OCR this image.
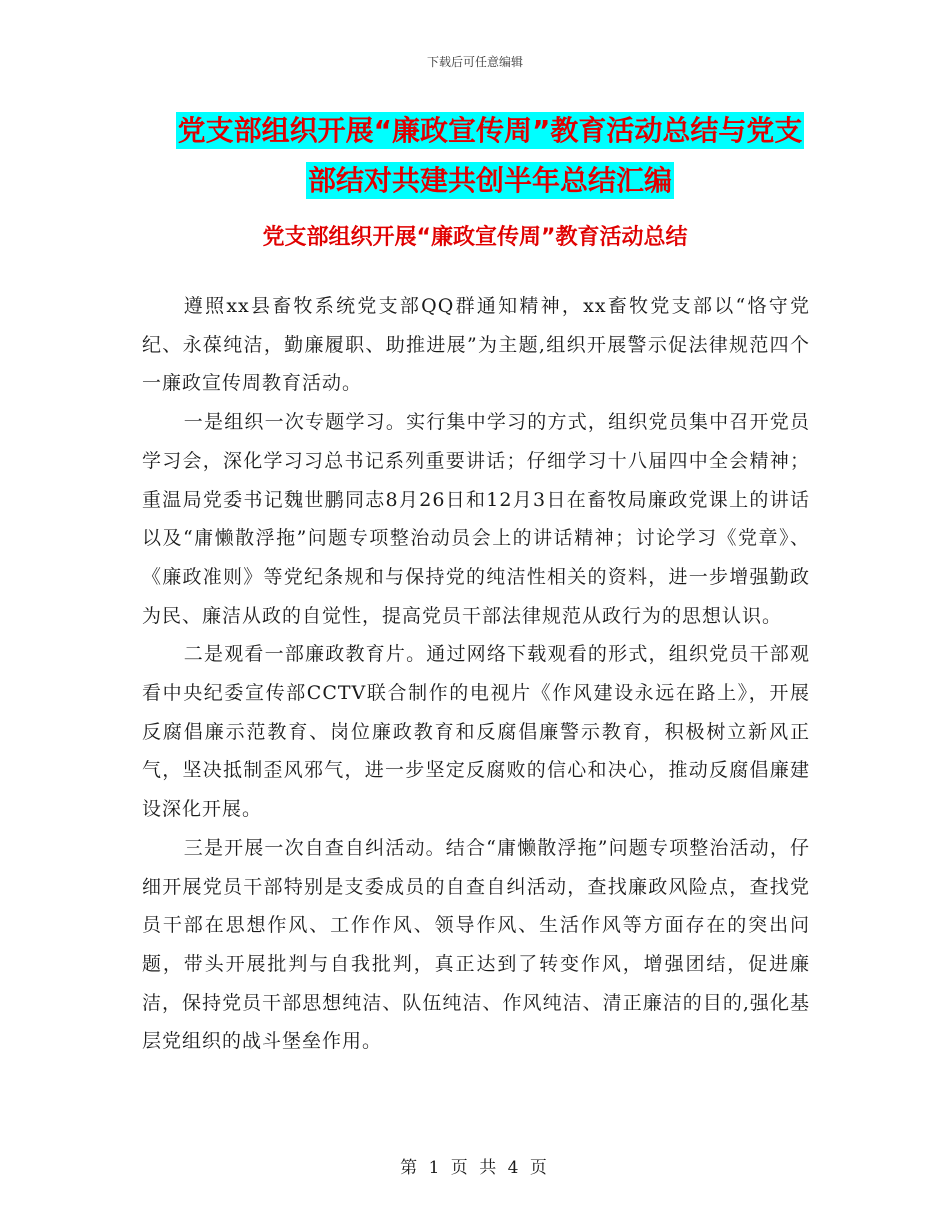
下载后可任意编辑
党支部组织开展“廉政宣传周”教育活动总结与党支
部结对共建共创半年总结汇编
党支部组织开展“廉政宣传周”教育活动总结

遵照xx县畜牧系统党支部QQ群通知精神，xx畜牧党支部以“恪守党纪、永葆纯洁，勤廉履职、助推进展”为主题,组织开展警示促法律规范四个一廉政宣传周教育活动。

一是组织一次专题学习。实行集中学习的方式，组织党员集中召开党员学习会，深化学习习总书记系列重要讲话；仔细学习十八届四中全会精神；重温局党委书记魏世鹏同志8月26日和12月3日在畜牧局廉政党课上的讲话以及“庸懒散浮拖”问题专项整治动员会上的讲话精神；讨论学习《党章》、《廉政准则》等党纪条规和与保持党的纯洁性相关的资料，进一步增强勤政为民、廉洁从政的自觉性，提高党员干部法律规范从政行为的思想认识。

二是观看一部廉政教育片。通过网络下载观看的形式，组织党员干部观看中央纪委宣传部CCTV联合制作的电视片《作风建设永远在路上》，开展反腐倡廉示范教育、岗位廉政教育和反腐倡廉警示教育，积极树立新风正气，坚决抵制歪风邪气，进一步坚定反腐败的信心和决心，推动反腐倡廉建设深化开展。

三是开展一次自查自纠活动。结合“庸懒散浮拖”问题专项整治活动，仔细开展党员干部特别是支委成员的自查自纠活动，查找廉政风险点，查找党员干部在思想作风、工作作风、领导作风、生活作风等方面存在的突出问题，带头开展批判与自我批判，真正达到了转变作风，增强团结，促进廉洁，保持党员干部思想纯洁、队伍纯洁、作风纯洁、清正廉洁的目的,强化基层党组织的战斗堡垒作用。

第 1 页 共 4 页
